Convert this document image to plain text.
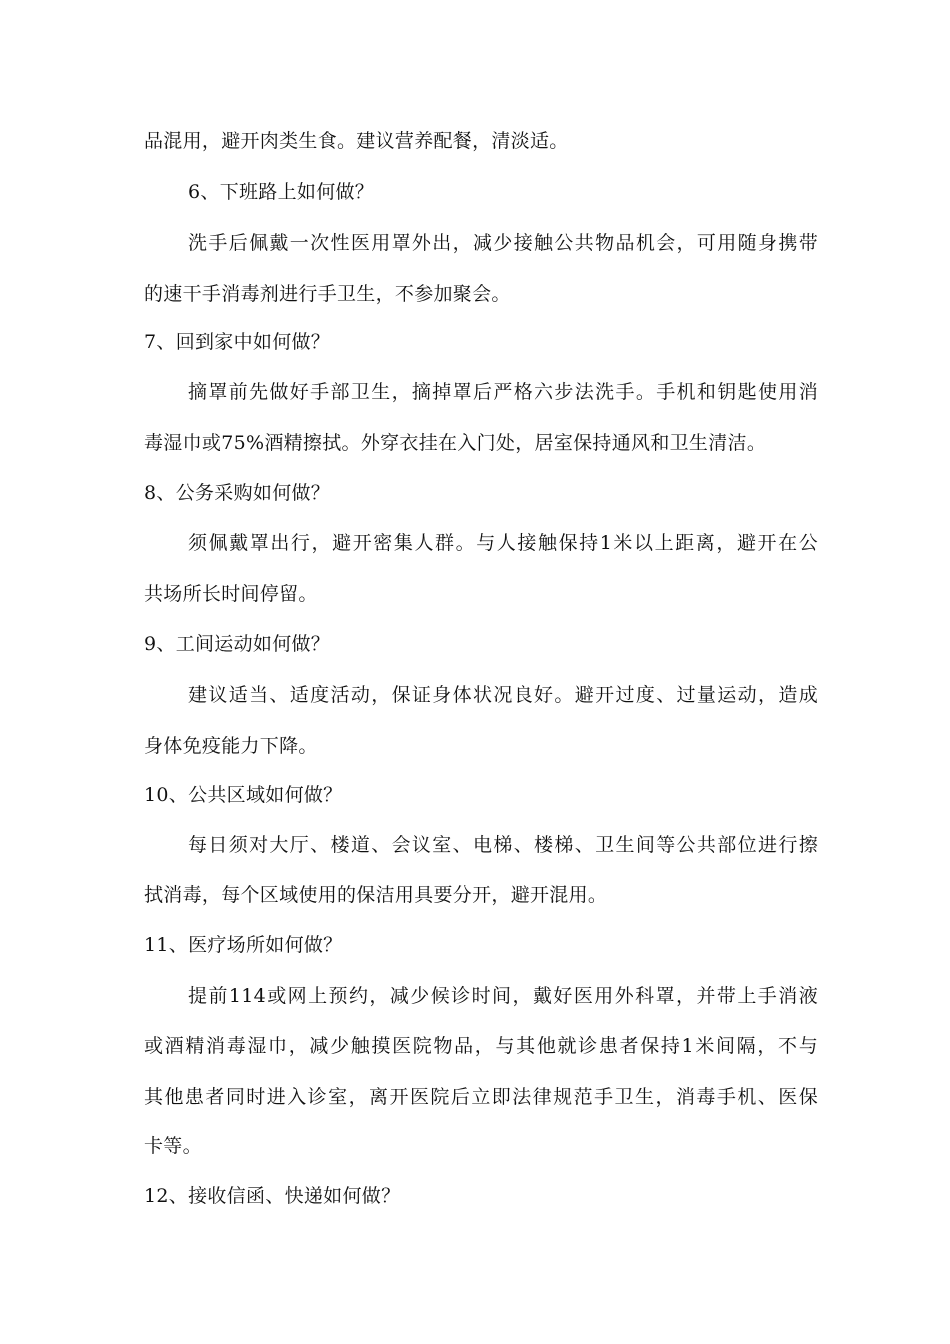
品混用，避开肉类生食。建议营养配餐，清淡适。
6、下班路上如何做？
洗手后佩戴一次性医用罩外出，减少接触公共物品机会，可用随身携带
的速干手消毒剂进行手卫生，不参加聚会。
7、回到家中如何做？
摘罩前先做好手部卫生，摘掉罩后严格六步法洗手。手机和钥匙使用消
毒湿巾或75%酒精擦拭。外穿衣挂在入门处，居室保持通风和卫生清洁。
8、公务采购如何做？
须佩戴罩出行，避开密集人群。与人接触保持1米以上距离，避开在公
共场所长时间停留。
9、工间运动如何做？
建议适当、适度活动，保证身体状况良好。避开过度、过量运动，造成
身体免疫能力下降。
10、公共区域如何做？
每日须对大厅、楼道、会议室、电梯、楼梯、卫生间等公共部位进行擦
拭消毒，每个区域使用的保洁用具要分开，避开混用。
11、医疗场所如何做？
提前114或网上预约，减少候诊时间，戴好医用外科罩，并带上手消液
或酒精消毒湿巾，减少触摸医院物品，与其他就诊患者保持1米间隔，不与
其他患者同时进入诊室，离开医院后立即法律规范手卫生，消毒手机、医保
卡等。
12、接收信函、快递如何做？
